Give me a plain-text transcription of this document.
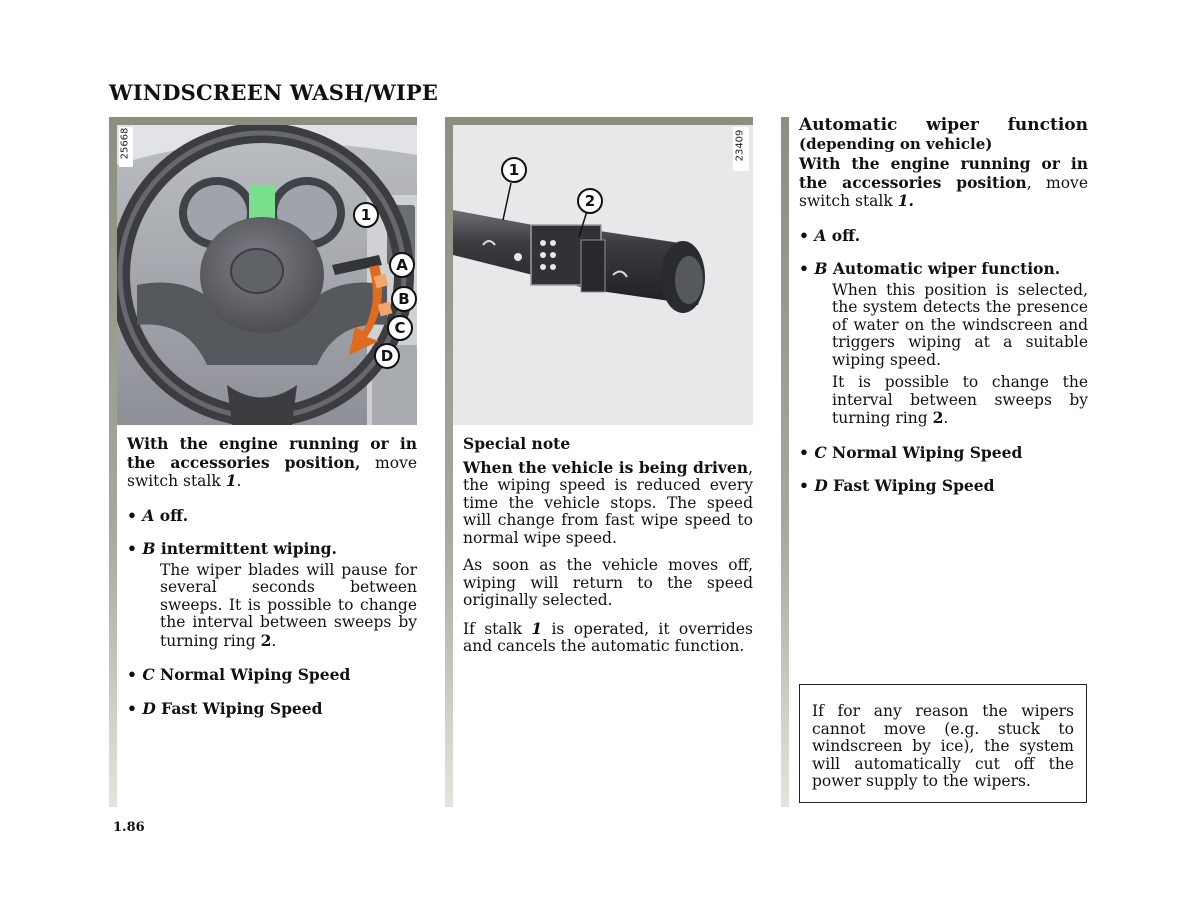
WINDSCREEN WASH/WIPE
25668
1
A
B
C
D
23409
1
2

With the engine running or in the accessories position, move switch stalk 1.

• A off.
• B intermittent wiping.

The wiper blades will pause for several seconds between sweeps. It is possible to change the interval between sweeps by turning ring 2.

• C Normal Wiping Speed
• D Fast Wiping Speed

Special note

When the vehicle is being driven, the wiping speed is reduced every time the vehicle stops. The speed will change from fast wipe speed to normal wipe speed.

As soon as the vehicle moves off, wiping will return to the speed originally selected.

If stalk 1 is operated, it overrides and cancels the automatic function.

Automatic wiper function
(depending on vehicle)

With the engine running or in the accessories position, move switch stalk 1.

• A off.
• B Automatic wiper function.

When this position is selected, the system detects the presence of water on the windscreen and triggers wiping at a suitable wiping speed.

It is possible to change the interval between sweeps by turning ring 2.

• C Normal Wiping Speed
• D Fast Wiping Speed
If for any reason the wipers cannot move (e.g. stuck to windscreen by ice), the system will automatically cut off the power supply to the wipers.
1.86
